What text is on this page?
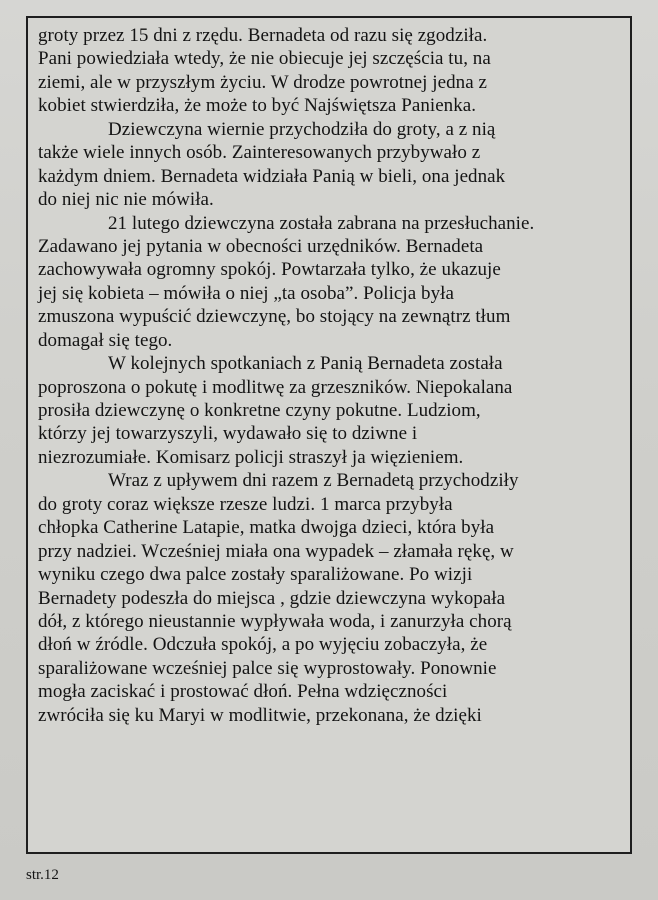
groty przez 15 dni z rzędu. Bernadeta od razu się zgodziła.
Pani powiedziała wtedy, że nie obiecuje jej szczęścia tu, na
ziemi, ale w przyszłym życiu. W drodze powrotnej jedna z
kobiet stwierdziła, że może to być Najświętsza Panienka.
Dziewczyna wiernie przychodziła do groty, a z nią
także wiele innych osób. Zainteresowanych przybywało z
każdym dniem. Bernadeta widziała Panią w bieli, ona jednak
do niej nic nie mówiła.
21 lutego dziewczyna została zabrana na przesłuchanie.
Zadawano jej pytania w obecności urzędników. Bernadeta
zachowywała ogromny spokój. Powtarzała tylko, że ukazuje
jej się kobieta – mówiła o niej „ta osoba”. Policja była
zmuszona wypuścić dziewczynę, bo stojący na zewnątrz tłum
domagał się tego.
W kolejnych spotkaniach z Panią Bernadeta została
poproszona o pokutę i modlitwę za grzeszników. Niepokalana
prosiła dziewczynę o konkretne czyny pokutne. Ludziom,
którzy jej towarzyszyli, wydawało się to dziwne i
niezrozumiałe. Komisarz policji straszył ja więzieniem.
Wraz z upływem dni razem z Bernadetą przychodziły
do groty coraz większe rzesze ludzi. 1 marca przybyła
chłopka Catherine Latapie, matka dwojga dzieci, która była
przy nadziei. Wcześniej miała ona wypadek – złamała rękę, w
wyniku czego dwa palce zostały sparaliżowane. Po wizji
Bernadety podeszła do miejsca , gdzie dziewczyna wykopała
dół, z którego nieustannie wypływała woda, i zanurzyła chorą
dłoń w źródle. Odczuła spokój, a po wyjęciu zobaczyła, że
sparaliżowane wcześniej palce się wyprostowały. Ponownie
mogła zaciskać i prostować dłoń. Pełna wdzięczności
zwróciła się ku Maryi w modlitwie, przekonana, że dzięki
str.12
